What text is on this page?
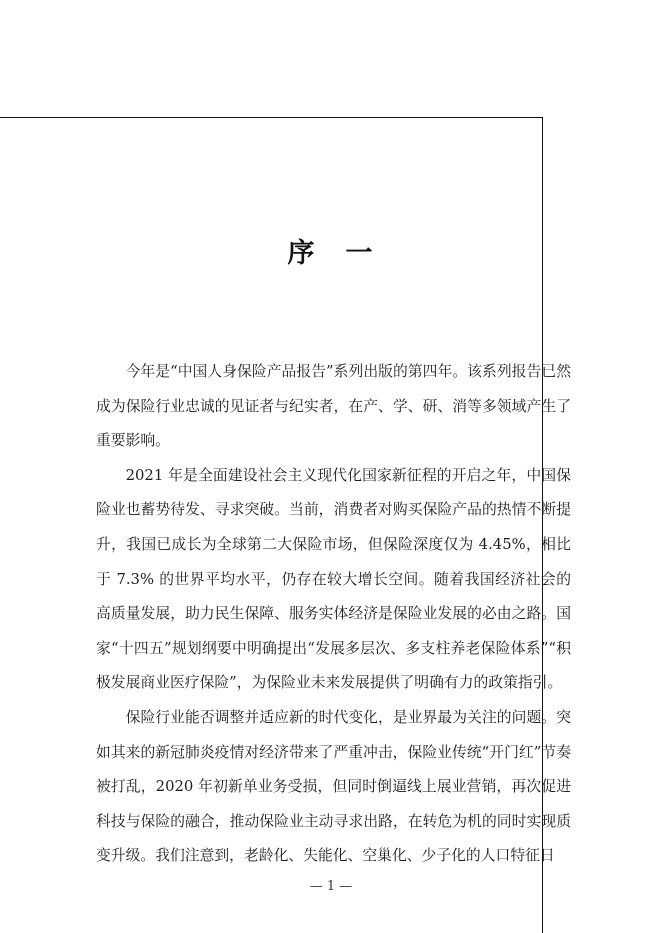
序　一

今年是“中国人身保险产品报告”系列出版的第四年。该系列报告已然成为保险行业忠诚的见证者与纪实者，在产、学、研、消等多领域产生了重要影响。

2021 年是全面建设社会主义现代化国家新征程的开启之年，中国保险业也蓄势待发、寻求突破。当前，消费者对购买保险产品的热情不断提升，我国已成长为全球第二大保险市场，但保险深度仅为 4.45%，相比于 7.3% 的世界平均水平，仍存在较大增长空间。随着我国经济社会的高质量发展，助力民生保障、服务实体经济是保险业发展的必由之路。国家“十四五”规划纲要中明确提出“发展多层次、多支柱养老保险体系”“积极发展商业医疗保险”，为保险业未来发展提供了明确有力的政策指引。

保险行业能否调整并适应新的时代变化，是业界最为关注的问题。突如其来的新冠肺炎疫情对经济带来了严重冲击，保险业传统“开门红”节奏被打乱，2020 年初新单业务受损，但同时倒逼线上展业营销，再次促进科技与保险的融合，推动保险业主动寻求出路，在转危为机的同时实现质变升级。我们注意到，老龄化、失能化、空巢化、少子化的人口特征日

— 1 —
